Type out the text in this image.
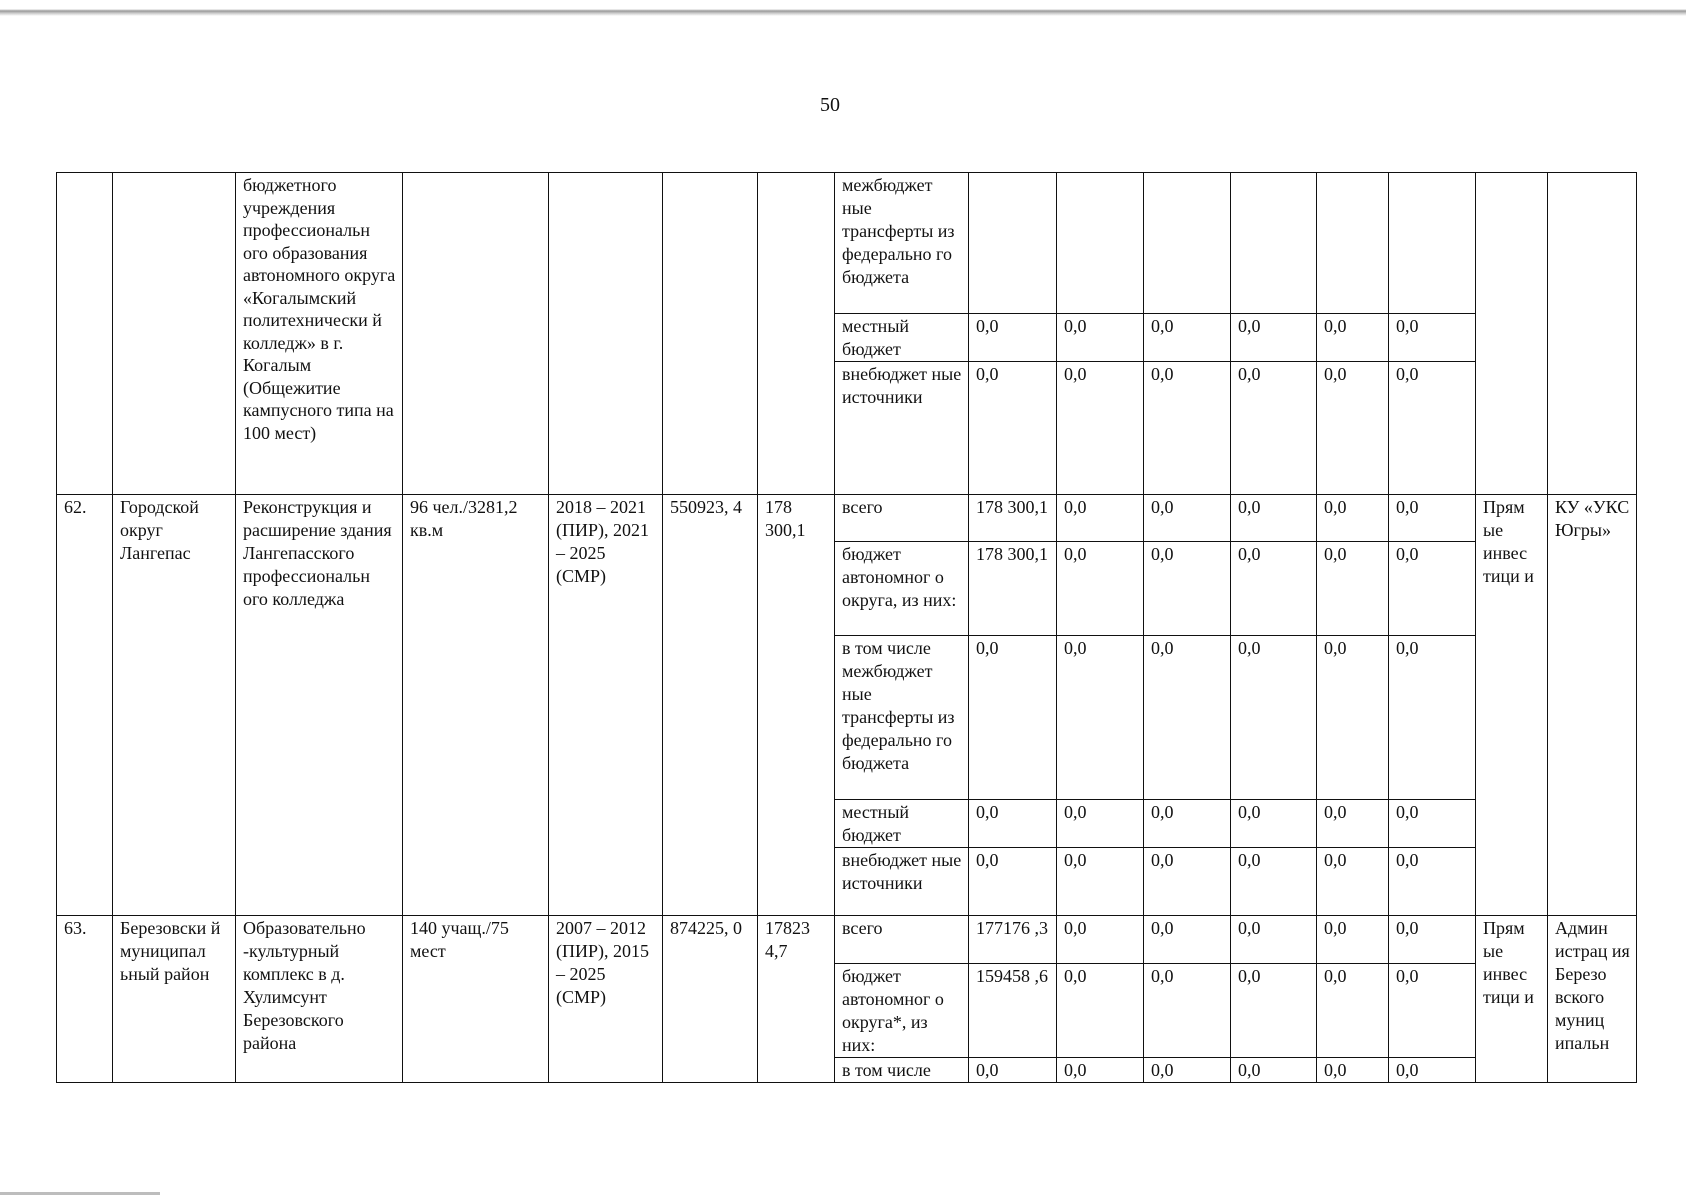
50
		бюджетного учреждения профессиональн ого образования автономного округа «Когалымский политехнически й колледж» в г. Когалым (Общежитие кампусного типа на 100 мест)					межбюджет ные трансферты из федерально го бюджета								
							местный бюджет	0,0	0,0	0,0	0,0	0,0	0,0		
							внебюджет ные источники	0,0	0,0	0,0	0,0	0,0	0,0		
62.	Городской округ Лангепас	Реконструкция и расширение здания Лангепасского профессиональн ого колледжа	96 чел./3281,2 кв.м	2018 – 2021 (ПИР), 2021 – 2025 (СМР)	550923, 4	178 300,1	всего	178 300,1	0,0	0,0	0,0	0,0	0,0	Прям ые инвес тици и	КУ «УКС Югры»
							бюджет автономног о округа, из них:	178 300,1	0,0	0,0	0,0	0,0	0,0		
							в том числе межбюджет ные трансферты из федерально го бюджета	0,0	0,0	0,0	0,0	0,0	0,0		
							местный бюджет	0,0	0,0	0,0	0,0	0,0	0,0		
							внебюджет ные источники	0,0	0,0	0,0	0,0	0,0	0,0		
63.	Березовски й муниципал ьный район	Образовательно -культурный комплекс в д. Хулимсунт Березовского района	140 учащ./75 мест	2007 – 2012 (ПИР), 2015 – 2025 (СМР)	874225, 0	17823 4,7	всего	177176 ,3	0,0	0,0	0,0	0,0	0,0	Прям ые инвес тици и	Админ истрац ия Березо вского муниц ипальн
							бюджет автономног о округа*, из них:	159458 ,6	0,0	0,0	0,0	0,0	0,0		
							в том числе	0,0	0,0	0,0	0,0	0,0	0,0		
